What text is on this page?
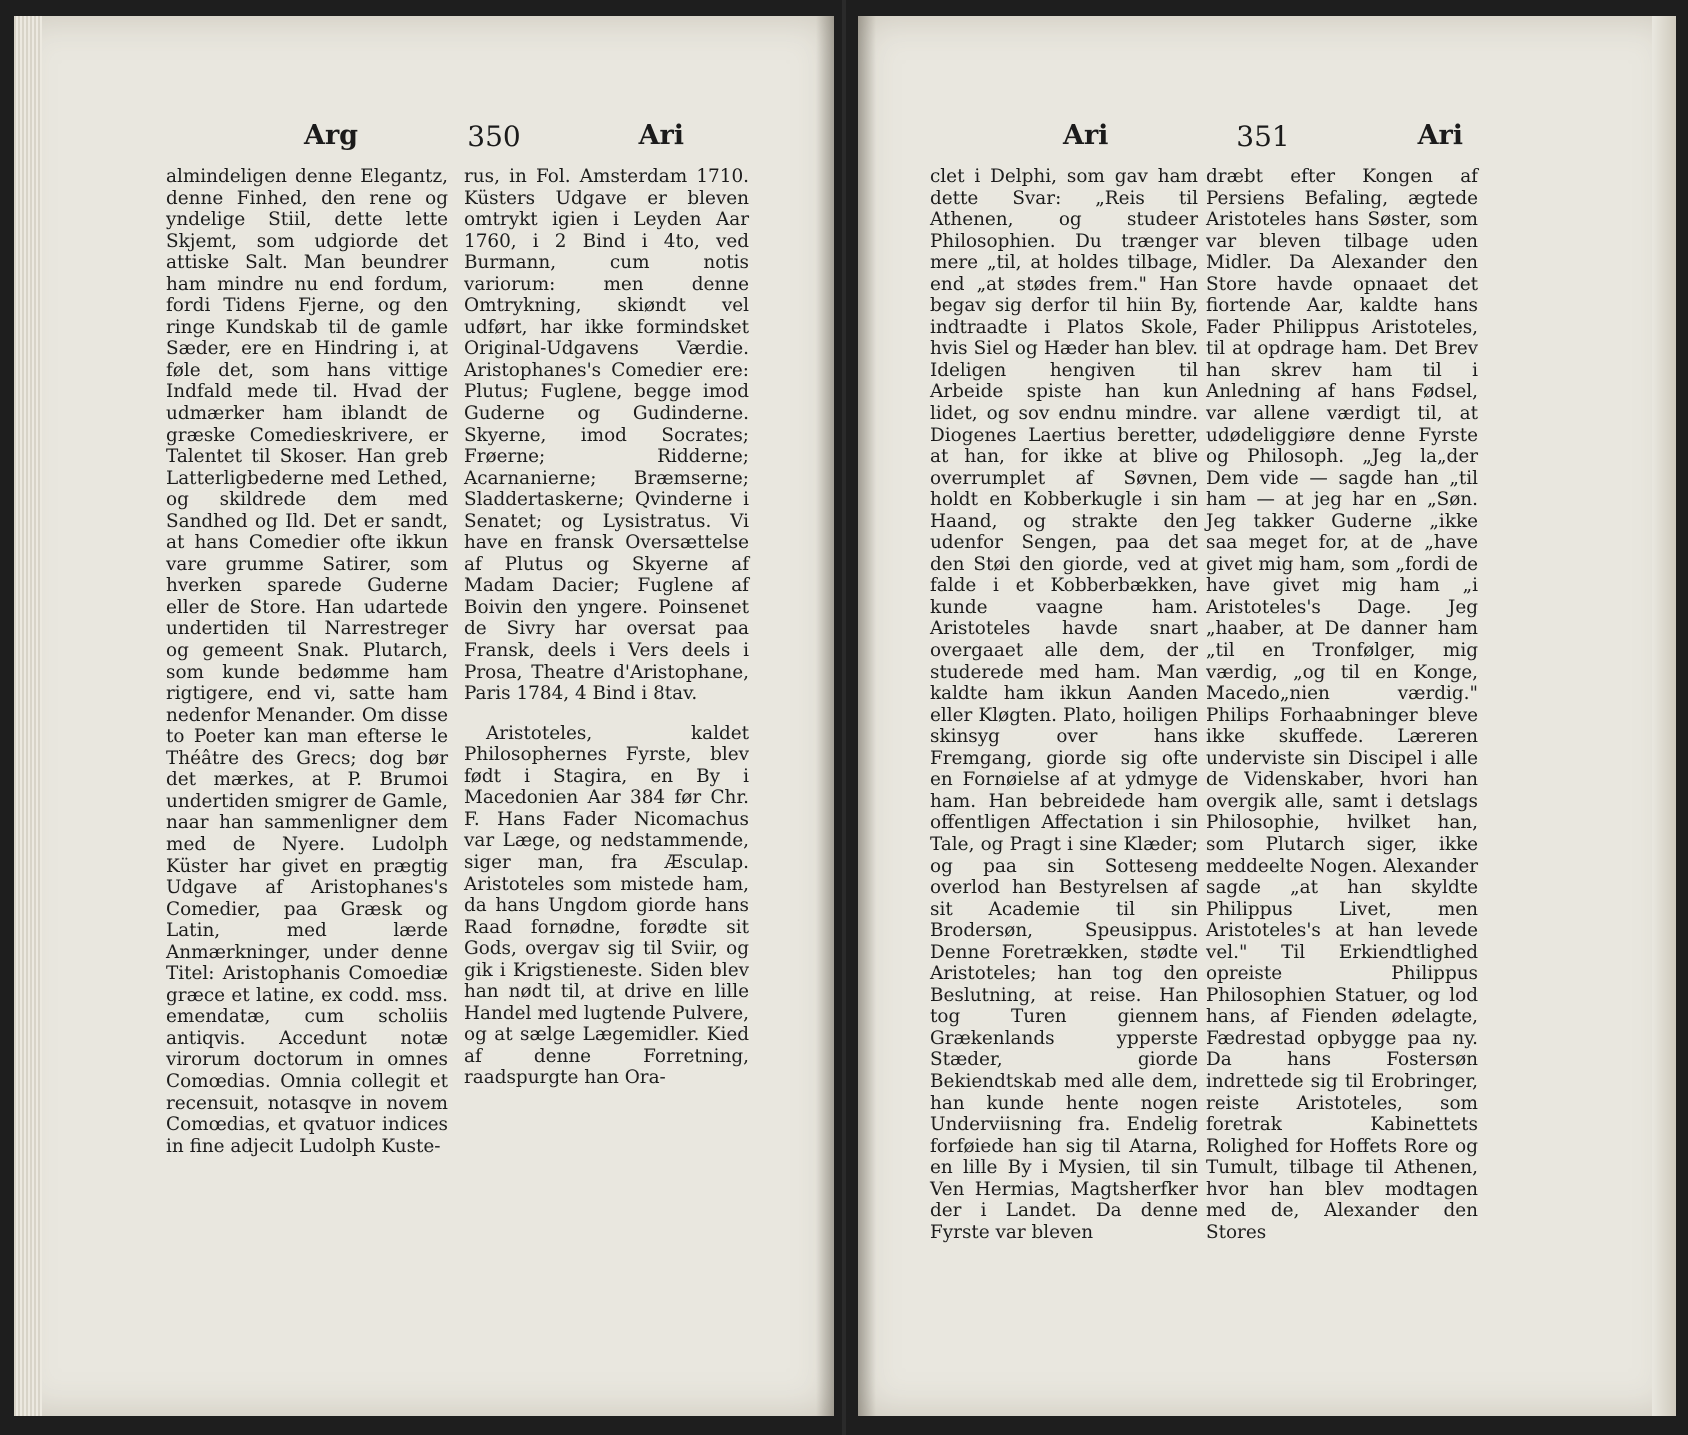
Arg	350	Ari

almindeligen denne Elegantz, denne Finhed, den rene og yndelige Stiil, dette lette Skjemt, som udgiorde det attiske Salt. Man beundrer ham mindre nu end fordum, fordi Tidens Fjerne, og den ringe Kundskab til de gamle Sæder, ere en Hindring i, at føle det, som hans vittige Indfald mede til. Hvad der udmærker ham iblandt de græske Comedieskrivere, er Talentet til Skoser. Han greb Latterligbederne med Lethed, og skildrede dem med Sandhed og Ild. Det er sandt, at hans Comedier ofte ikkun vare grumme Satirer, som hverken sparede Guderne eller de Store. Han udartede undertiden til Narrestreger og gemeent Snak. Plutarch, som kunde bedømme ham rigtigere, end vi, satte ham nedenfor Menander. Om disse to Poeter kan man efterse le Théâtre des Grecs; dog bør det mærkes, at P. Brumoi undertiden smigrer de Gamle, naar han sammenligner dem med de Nyere. Ludolph Küster har givet en prægtig Udgave af Aristophanes's Comedier, paa Græsk og Latin, med lærde Anmærkninger, under denne Titel: Aristophanis Comoediæ græce et latine, ex codd. mss. emendatæ, cum scholiis antiqvis. Accedunt notæ virorum doctorum in omnes Comœdias. Omnia collegit et recensuit, notasqve in novem Comœdias, et qvatuor indices in fine adjecit Ludolph Kuste-

rus, in Fol. Amsterdam 1710. Küsters Udgave er bleven omtrykt igien i Leyden Aar 1760, i 2 Bind i 4to, ved Burmann, cum notis variorum: men denne Omtrykning, skiøndt vel udført, har ikke formindsket Original-Udgavens Værdie. Aristophanes's Comedier ere: Plutus; Fuglene, begge imod Guderne og Gudinderne. Skyerne, imod Socrates; Frøerne; Ridderne; Acarnanierne; Bræmserne; Sladdertaskerne; Qvinderne i Senatet; og Lysistratus. Vi have en fransk Oversættelse af Plutus og Skyerne af Madam Dacier; Fuglene af Boivin den yngere. Poinsenet de Sivry har oversat paa Fransk, deels i Vers deels i Prosa, Theatre d'Aristophane, Paris 1784, 4 Bind i 8tav.

Aristoteles, kaldet Philosophernes Fyrste, blev født i Stagira, en By i Macedonien Aar 384 før Chr. F. Hans Fader Nicomachus var Læge, og nedstammende, siger man, fra Æsculap. Aristoteles som mistede ham, da hans Ungdom giorde hans Raad fornødne, forødte sit Gods, overgav sig til Sviir, og gik i Krigstieneste. Siden blev han nødt til, at drive en lille Handel med lugtende Pulvere, og at sælge Lægemidler. Kied af denne Forretning, raadspurgte han Ora-

Ari	351	Ari

clet i Delphi, som gav ham dette Svar: „Reis til Athenen, og studeer Philosophien. Du trænger mere „til, at holdes tilbage, end „at stødes frem." Han begav sig derfor til hiin By, indtraadte i Platos Skole, hvis Siel og Hæder han blev. Ideligen hengiven til Arbeide spiste han kun lidet, og sov endnu mindre. Diogenes Laertius beretter, at han, for ikke at blive overrumplet af Søvnen, holdt en Kobberkugle i sin Haand, og strakte den udenfor Sengen, paa det den Støi den giorde, ved at falde i et Kobberbækken, kunde vaagne ham. Aristoteles havde snart overgaaet alle dem, der studerede med ham. Man kaldte ham ikkun Aanden eller Kløgten. Plato, hoiligen skinsyg over hans Fremgang, giorde sig ofte en Fornøielse af at ydmyge ham. Han bebreidede ham offentligen Affectation i sin Tale, og Pragt i sine Klæder; og paa sin Sotteseng overlod han Bestyrelsen af sit Academie til sin Brodersøn, Speusippus. Denne Foretrækken, stødte Aristoteles; han tog den Beslutning, at reise. Han tog Turen giennem Grækenlands ypperste Stæder, giorde Bekiendtskab med alle dem, han kunde hente nogen Underviisning fra. Endelig forføiede han sig til Atarna, en lille By i Mysien, til sin Ven Hermias, Magtsherfker der i Landet. Da denne Fyrste var bleven

dræbt efter Kongen af Persiens Befaling, ægtede Aristoteles hans Søster, som var bleven tilbage uden Midler. Da Alexander den Store havde opnaaet det fiortende Aar, kaldte hans Fader Philippus Aristoteles, til at opdrage ham. Det Brev han skrev ham til i Anledning af hans Fødsel, var allene værdigt til, at udødeliggiøre denne Fyrste og Philosoph. „Jeg la„der Dem vide — sagde han „til ham — at jeg har en „Søn. Jeg takker Guderne „ikke saa meget for, at de „have givet mig ham, som „fordi de have givet mig ham „i Aristoteles's Dage. Jeg „haaber, at De danner ham „til en Tronfølger, mig værdig, „og til en Konge, Macedo„nien værdig." Philips Forhaabninger bleve ikke skuffede. Læreren underviste sin Discipel i alle de Videnskaber, hvori han overgik alle, samt i detslags Philosophie, hvilket han, som Plutarch siger, ikke meddeelte Nogen. Alexander sagde „at han skyldte Philippus Livet, men Aristoteles's at han levede vel." Til Erkiendtlighed opreiste Philippus Philosophien Statuer, og lod hans, af Fienden ødelagte, Fædrestad opbygge paa ny. Da hans Fostersøn indrettede sig til Erobringer, reiste Aristoteles, som foretrak Kabinettets Rolighed for Hoffets Rore og Tumult, tilbage til Athenen, hvor han blev modtagen med de, Alexander den Stores
